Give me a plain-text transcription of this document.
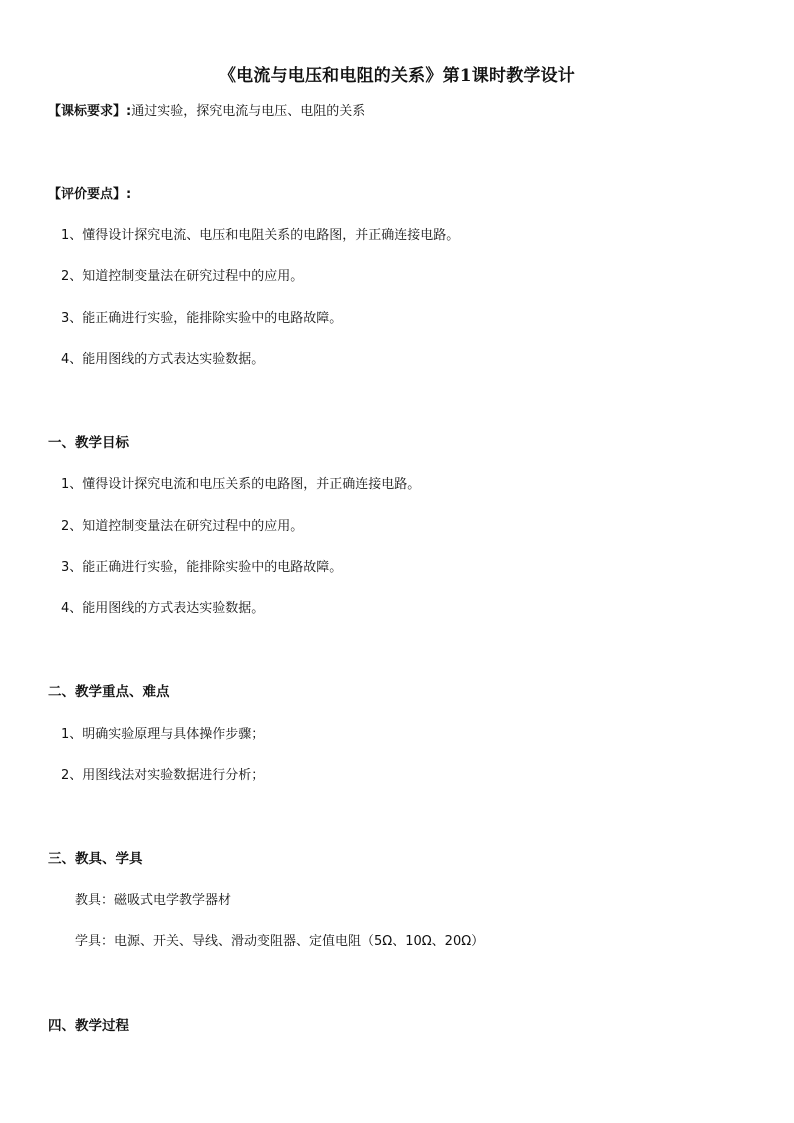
《电流与电压和电阻的关系》第1课时教学设计
【课标要求】:通过实验，探究电流与电压、电阻的关系
【评价要点】:
1、懂得设计探究电流、电压和电阻关系的电路图，并正确连接电路。
2、知道控制变量法在研究过程中的应用。
3、能正确进行实验，能排除实验中的电路故障。
4、能用图线的方式表达实验数据。
一、教学目标
1、懂得设计探究电流和电压关系的电路图，并正确连接电路。
2、知道控制变量法在研究过程中的应用。
3、能正确进行实验，能排除实验中的电路故障。
4、能用图线的方式表达实验数据。
二、教学重点、难点
1、明确实验原理与具体操作步骤；
2、用图线法对实验数据进行分析；
三、教具、学具
教具：磁吸式电学教学器材
学具：电源、开关、导线、滑动变阻器、定值电阻（5Ω、10Ω、20Ω）
四、教学过程
